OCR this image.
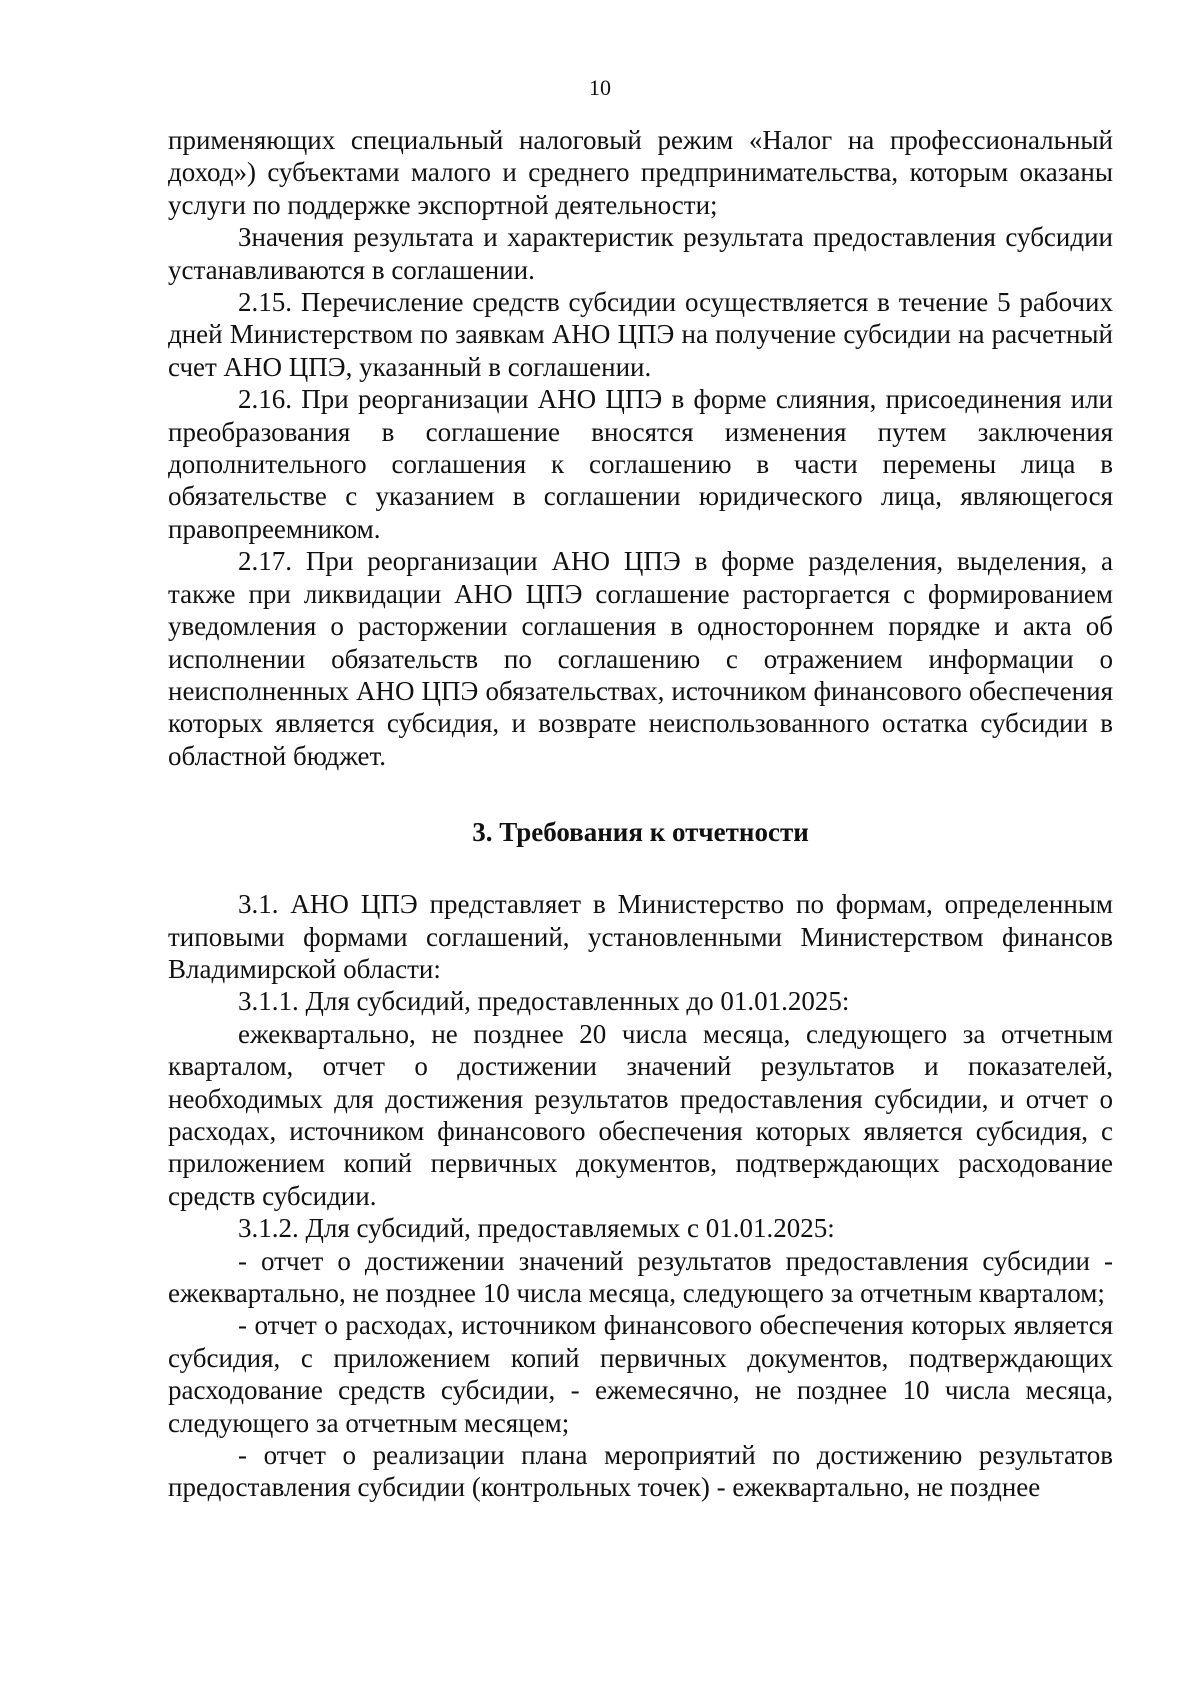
10

применяющих специальный налоговый режим «Налог на профессиональный доход») субъектами малого и среднего предпринимательства, которым оказаны услуги по поддержке экспортной деятельности;

Значения результата и характеристик результата предоставления субсидии устанавливаются в соглашении.

2.15. Перечисление средств субсидии осуществляется в течение 5 рабочих дней Министерством по заявкам АНО ЦПЭ на получение субсидии на расчетный счет АНО ЦПЭ, указанный в соглашении.

2.16. При реорганизации АНО ЦПЭ в форме слияния, присоединения или преобразования в соглашение вносятся изменения путем заключения дополнительного соглашения к соглашению в части перемены лица в обязательстве с указанием в соглашении юридического лица, являющегося правопреемником.

2.17. При реорганизации АНО ЦПЭ в форме разделения, выделения, а также при ликвидации АНО ЦПЭ соглашение расторгается с формированием уведомления о расторжении соглашения в одностороннем порядке и акта об исполнении обязательств по соглашению с отражением информации о неисполненных АНО ЦПЭ обязательствах, источником финансового обеспечения которых является субсидия, и возврате неиспользованного остатка субсидии в областной бюджет.

3. Требования к отчетности

3.1. АНО ЦПЭ представляет в Министерство по формам, определенным типовыми формами соглашений, установленными Министерством финансов Владимирской области:

3.1.1. Для субсидий, предоставленных до 01.01.2025:

ежеквартально, не позднее 20 числа месяца, следующего за отчетным кварталом, отчет о достижении значений результатов и показателей, необходимых для достижения результатов предоставления субсидии, и отчет о расходах, источником финансового обеспечения которых является субсидия, с приложением копий первичных документов, подтверждающих расходование средств субсидии.

3.1.2. Для субсидий, предоставляемых с 01.01.2025:

- отчет о достижении значений результатов предоставления субсидии - ежеквартально, не позднее 10 числа месяца, следующего за отчетным кварталом;

- отчет о расходах, источником финансового обеспечения которых является субсидия, с приложением копий первичных документов, подтверждающих расходование средств субсидии, - ежемесячно, не позднее 10 числа месяца, следующего за отчетным месяцем;

- отчет о реализации плана мероприятий по достижению результатов предоставления субсидии (контрольных точек) - ежеквартально, не позднее
